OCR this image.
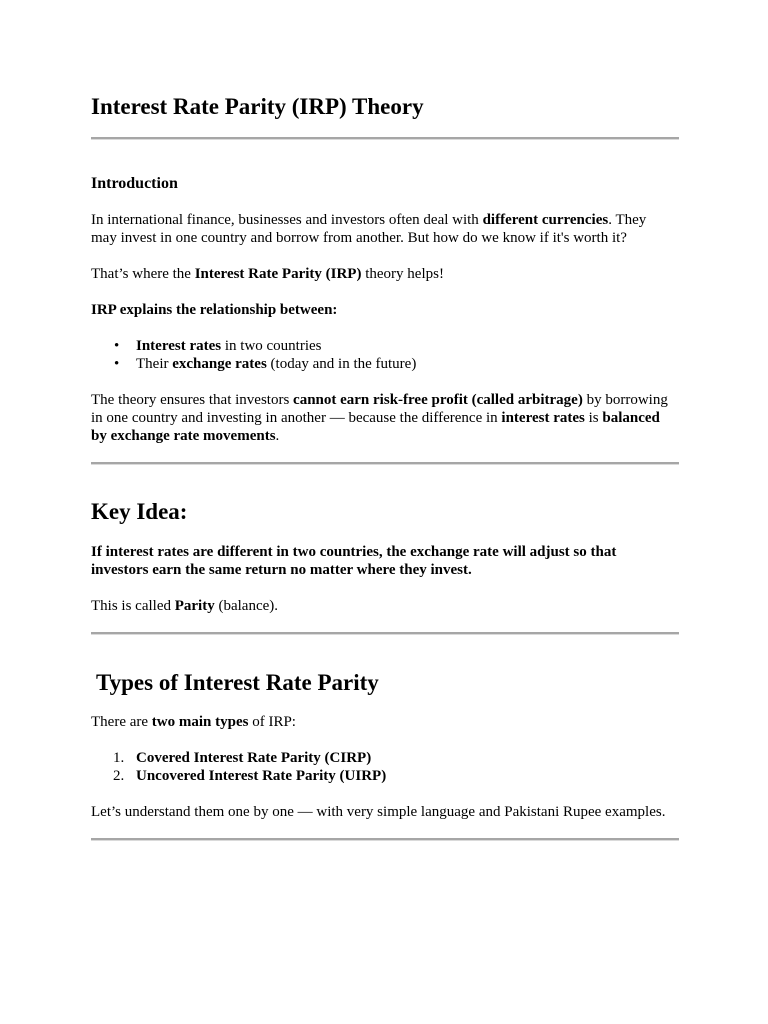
Interest Rate Parity (IRP) Theory
Introduction

In international finance, businesses and investors often deal with different currencies. They
may invest in one country and borrow from another. But how do we know if it's worth it?

That’s where the Interest Rate Parity (IRP) theory helps!

IRP explains the relationship between:

• Interest rates in two countries
• Their exchange rates (today and in the future)

The theory ensures that investors cannot earn risk-free profit (called arbitrage) by borrowing
in one country and investing in another — because the difference in interest rates is balanced
by exchange rate movements.

Key Idea:

If interest rates are different in two countries, the exchange rate will adjust so that
investors earn the same return no matter where they invest.

This is called Parity (balance).

Types of Interest Rate Parity

There are two main types of IRP:

1. Covered Interest Rate Parity (CIRP)
2. Uncovered Interest Rate Parity (UIRP)

Let’s understand them one by one — with very simple language and Pakistani Rupee examples.
